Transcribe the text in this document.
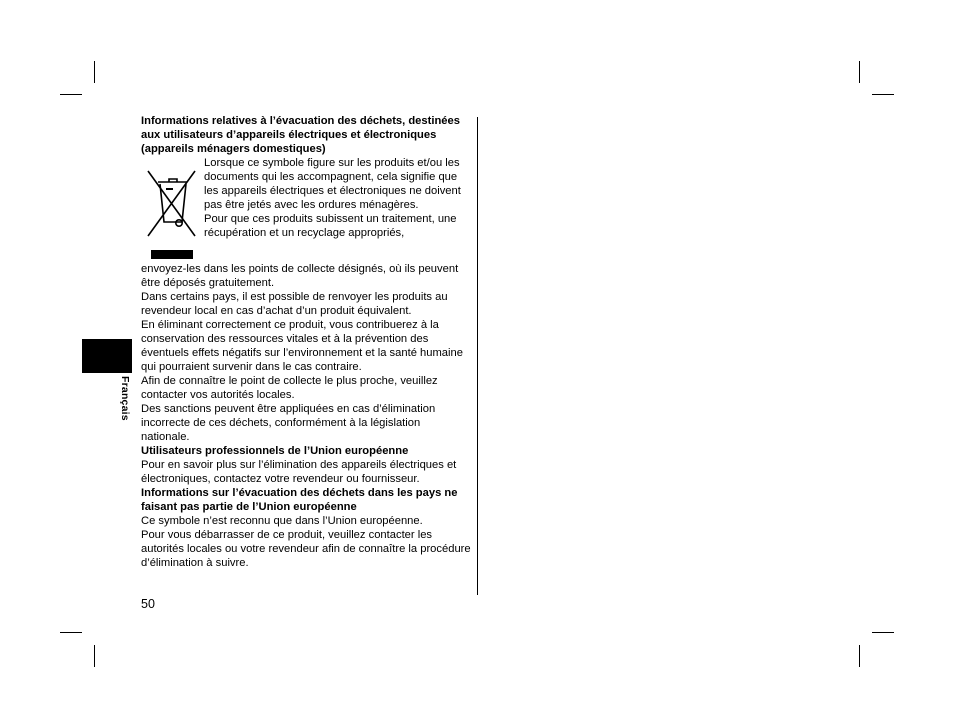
Français

Informations relatives à l’évacuation des déchets, destinées aux utilisateurs d’appareils électriques et électroniques (appareils ménagers domestiques)

Lorsque ce symbole figure sur les produits et/ou les documents qui les accompagnent, cela signifie que les appareils électriques et électroniques ne doivent pas être jetés avec les ordures ménagères.

Pour que ces produits subissent un traitement, une récupération et un recyclage appropriés,

envoyez-les dans les points de collecte désignés, où ils peuvent être déposés gratuitement.

Dans certains pays, il est possible de renvoyer les produits au revendeur local en cas d’achat d’un produit équivalent.

En éliminant correctement ce produit, vous contribuerez à la conservation des ressources vitales et à la prévention des éventuels effets négatifs sur l’environnement et la santé humaine qui pourraient survenir dans le cas contraire.

Afin de connaître le point de collecte le plus proche, veuillez contacter vos autorités locales.

Des sanctions peuvent être appliquées en cas d’élimination incorrecte de ces déchets, conformément à la législation nationale.

Utilisateurs professionnels de l’Union européenne

Pour en savoir plus sur l’élimination des appareils électriques et électroniques, contactez votre revendeur ou fournisseur.

Informations sur l’évacuation des déchets dans les pays ne faisant pas partie de l’Union européenne

Ce symbole n’est reconnu que dans l’Union européenne.

Pour vous débarrasser de ce produit, veuillez contacter les autorités locales ou votre revendeur afin de connaître la procédure d’élimination à suivre.

50
